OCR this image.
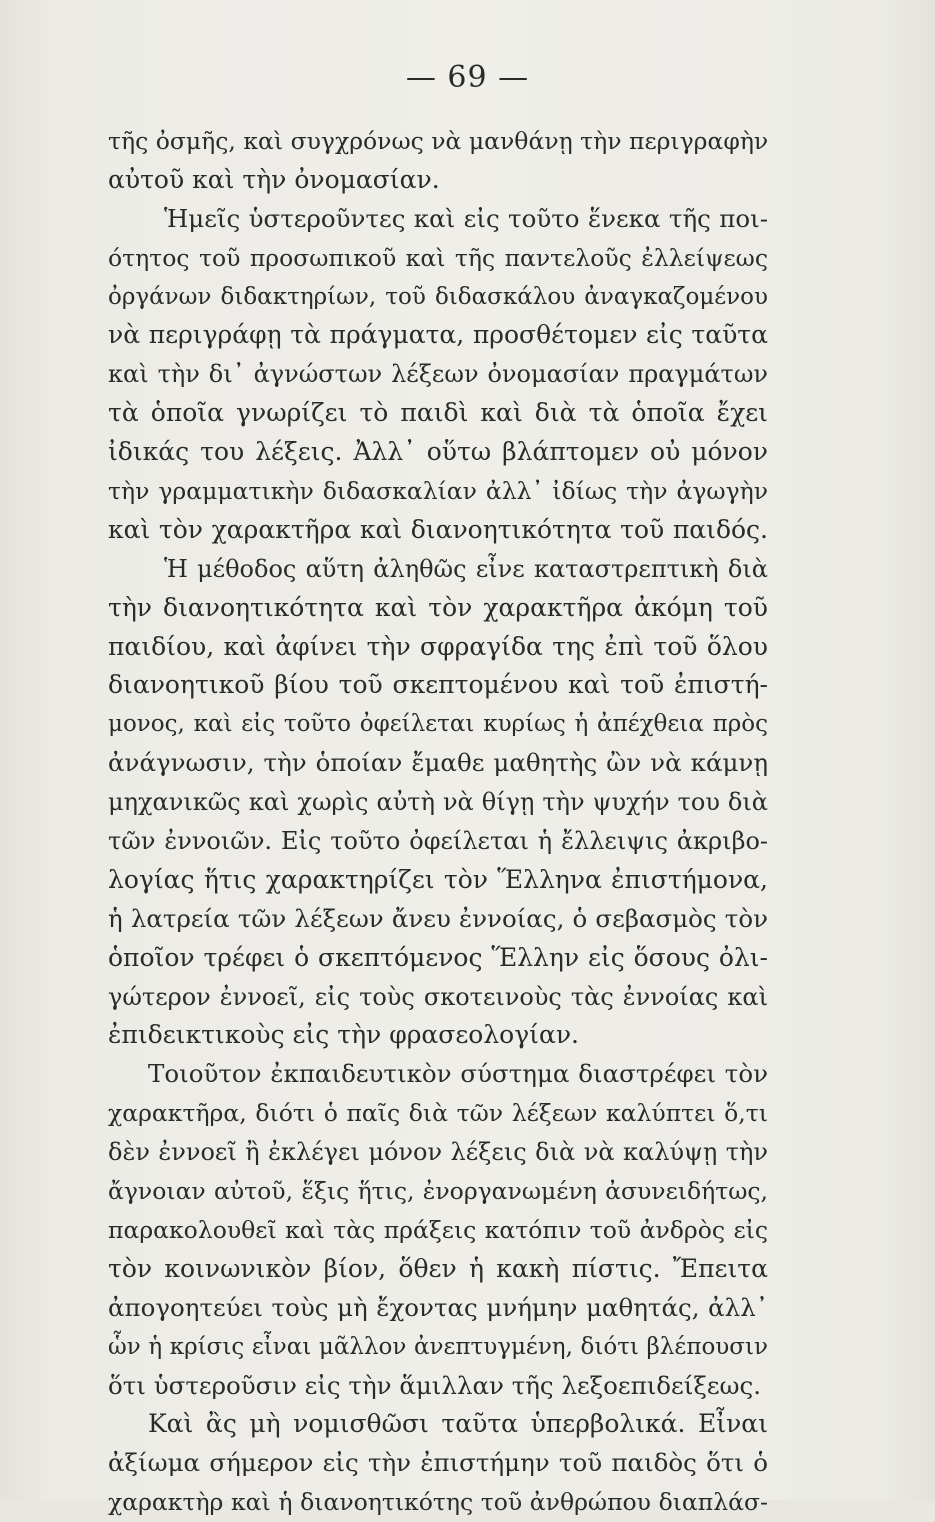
— 69 —
τῆς ὀσμῆς, καὶ συγχρόνως νὰ μανθάνῃ τὴν περιγραφὴν
αὐτοῦ καὶ τὴν ὀνομασίαν.
Ἡμεῖς ὑστεροῦντες καὶ εἰς τοῦτο ἕνεκα τῆς ποι-
ότητος τοῦ προσωπικοῦ καὶ τῆς παντελοῦς ἐλλείψεως
ὀργάνων διδακτηρίων, τοῦ διδασκάλου ἀναγκαζομένου
νὰ περιγράφῃ τὰ πράγματα, προσθέτομεν εἰς ταῦτα
καὶ τὴν δι᾽ ἀγνώστων λέξεων ὀνομασίαν πραγμάτων
τὰ ὁποῖα γνωρίζει τὸ παιδὶ καὶ διὰ τὰ ὁποῖα ἔχει
ἰδικάς του λέξεις. Ἀλλ᾽ οὕτω βλάπτομεν οὐ μόνον
τὴν γραμματικὴν διδασκαλίαν ἀλλ᾽ ἰδίως τὴν ἀγωγὴν
καὶ τὸν χαρακτῆρα καὶ διανοητικότητα τοῦ παιδός.
Ἡ μέθοδος αὕτη ἀληθῶς εἶνε καταστρεπτικὴ διὰ
τὴν διανοητικότητα καὶ τὸν χαρακτῆρα ἀκόμη τοῦ
παιδίου, καὶ ἀφίνει τὴν σφραγίδα της ἐπὶ τοῦ ὅλου
διανοητικοῦ βίου τοῦ σκεπτομένου καὶ τοῦ ἐπιστή-
μονος, καὶ εἰς τοῦτο ὀφείλεται κυρίως ἡ ἀπέχθεια πρὸς
ἀνάγνωσιν, τὴν ὁποίαν ἔμαθε μαθητὴς ὢν νὰ κάμνῃ
μηχανικῶς καὶ χωρὶς αὐτὴ νὰ θίγῃ τὴν ψυχήν του διὰ
τῶν ἐννοιῶν. Εἰς τοῦτο ὀφείλεται ἡ ἔλλειψις ἀκριβο-
λογίας ἥτις χαρακτηρίζει τὸν Ἕλληνα ἐπιστήμονα,
ἡ λατρεία τῶν λέξεων ἄνευ ἐννοίας, ὁ σεβασμὸς τὸν
ὁποῖον τρέφει ὁ σκεπτόμενος Ἕλλην εἰς ὅσους ὀλι-
γώτερον ἐννοεῖ, εἰς τοὺς σκοτεινοὺς τὰς ἐννοίας καὶ
ἐπιδεικτικοὺς εἰς τὴν φρασεολογίαν.
Τοιοῦτον ἐκπαιδευτικὸν σύστημα διαστρέφει τὸν
χαρακτῆρα, διότι ὁ παῖς διὰ τῶν λέξεων καλύπτει ὅ,τι
δὲν ἐννοεῖ ἢ ἐκλέγει μόνον λέξεις διὰ νὰ καλύψῃ τὴν
ἄγνοιαν αὐτοῦ, ἕξις ἥτις, ἐνοργανωμένη ἀσυνειδήτως,
παρακολουθεῖ καὶ τὰς πράξεις κατόπιν τοῦ ἀνδρὸς εἰς
τὸν κοινωνικὸν βίον, ὅθεν ἡ κακὴ πίστις. Ἔπειτα
ἀπογοητεύει τοὺς μὴ ἔχοντας μνήμην μαθητάς, ἀλλ᾽
ὧν ἡ κρίσις εἶναι μᾶλλον ἀνεπτυγμένη, διότι βλέπουσιν
ὅτι ὑστεροῦσιν εἰς τὴν ἅμιλλαν τῆς λεξοεπιδείξεως.
Καὶ ἂς μὴ νομισθῶσι ταῦτα ὑπερβολικά. Εἶναι
ἀξίωμα σήμερον εἰς τὴν ἐπιστήμην τοῦ παιδὸς ὅτι ὁ
χαρακτὴρ καὶ ἡ διανοητικότης τοῦ ἀνθρώπου διαπλάσ-
